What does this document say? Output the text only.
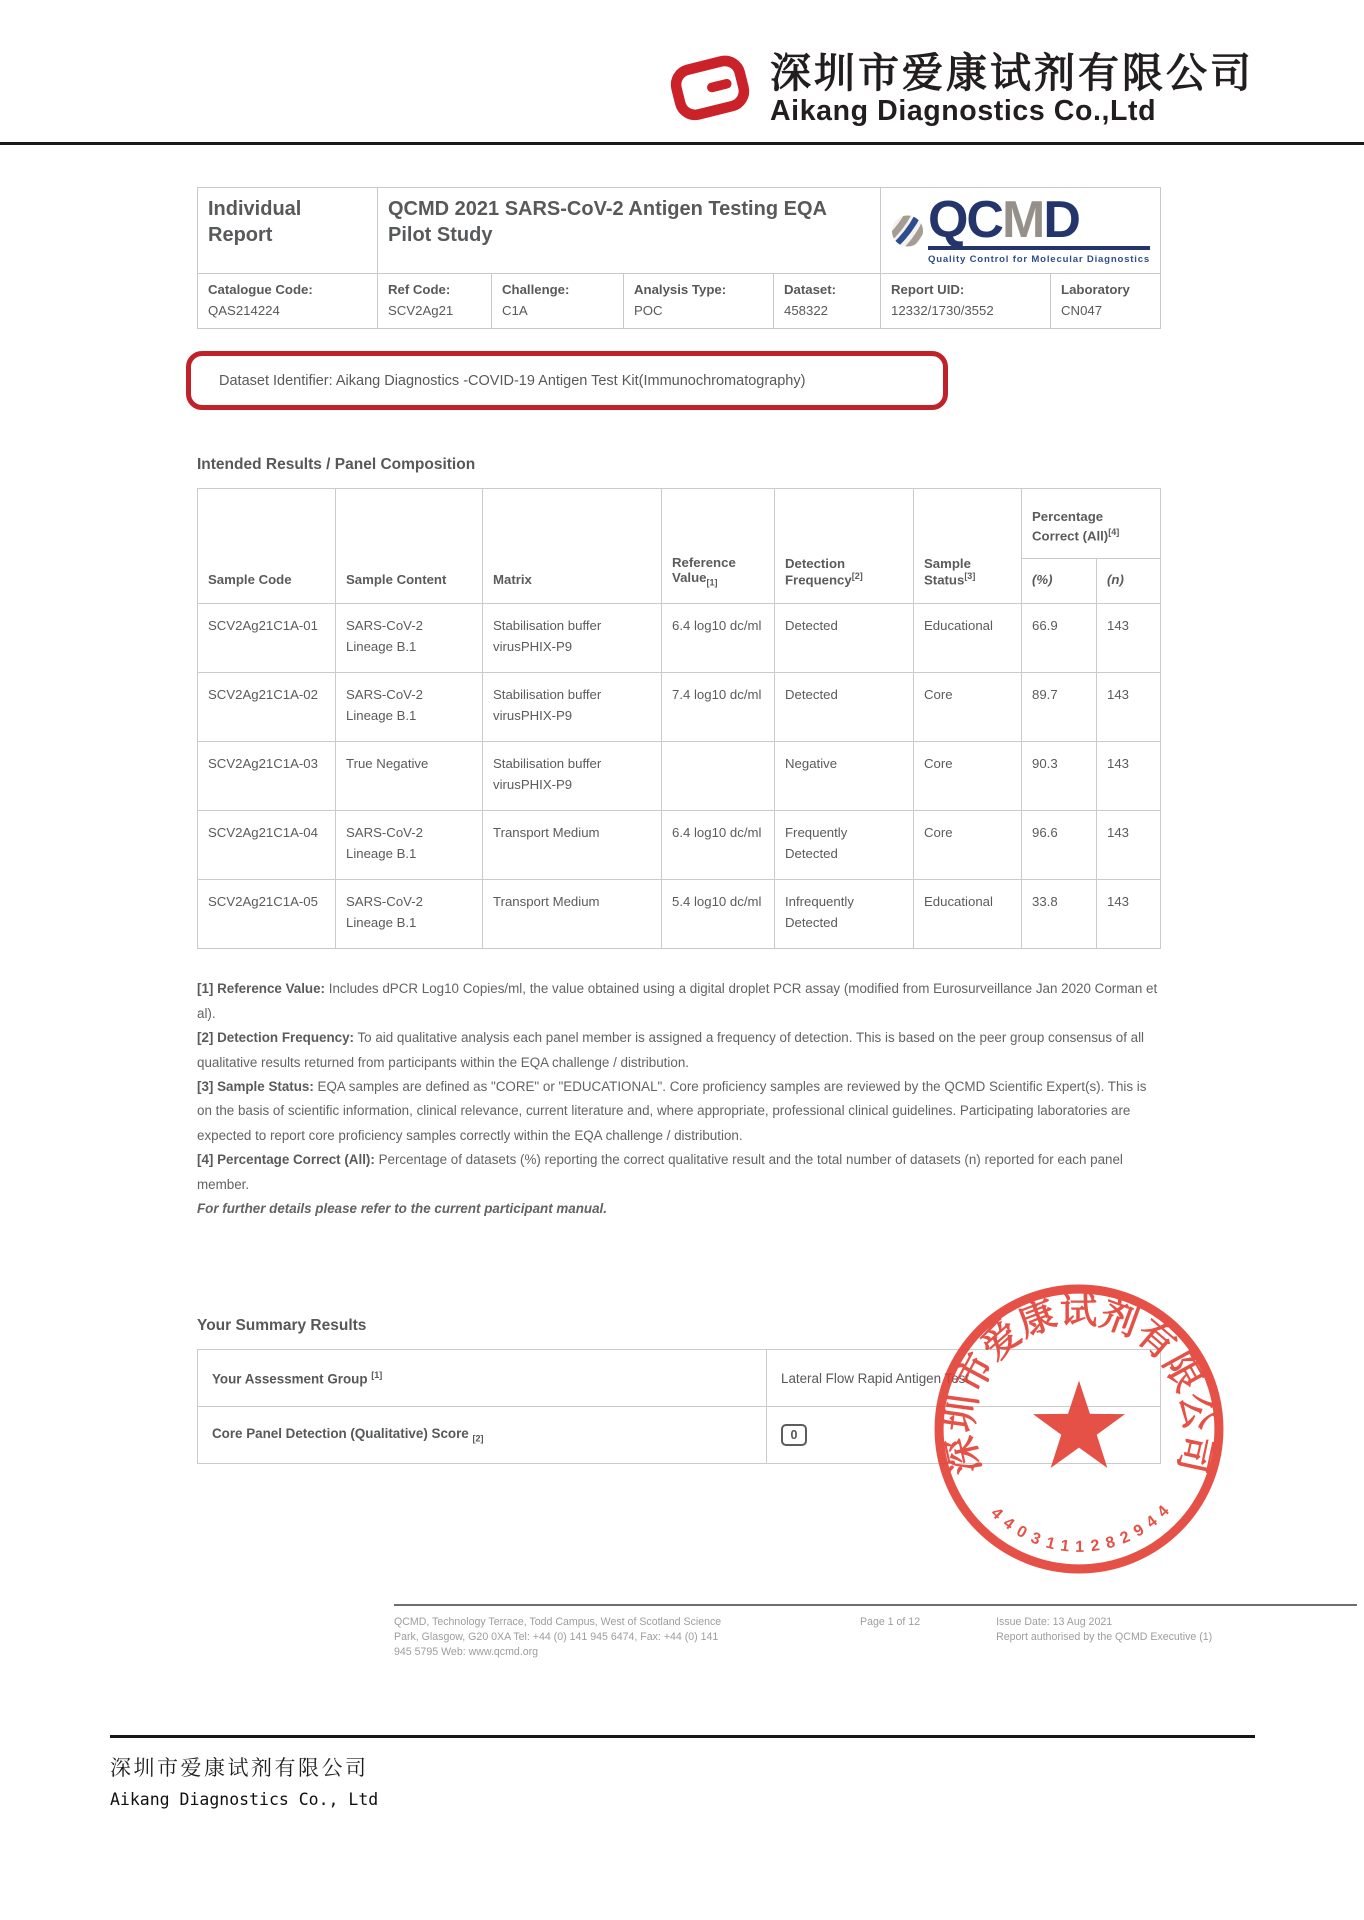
深圳市爱康试剂有限公司
Aikang Diagnostics Co.,Ltd
Individual Report	QCMD 2021 SARS-CoV-2 Antigen Testing EQA Pilot Study				QCMD
Quality Control for Molecular Diagnostics	

Catalogue Code:
QAS214224	Ref Code:
SCV2Ag21	Challenge:
C1A	Analysis Type:
POC	Dataset:
458322	Report UID:
12332/1730/3552	Laboratory
CN047
Dataset Identifier: Aikang Diagnostics -COVID-19 Antigen Test Kit(Immunochromatography)
Intended Results / Panel Composition
Sample Code	Sample Content	Matrix	Reference Value$_{[1]}$	Detection Frequency[2]	Sample Status[3]	Percentage Correct (All)[4]
						(%)	(n)
SCV2Ag21C1A-01	SARS-CoV-2 Lineage B.1	Stabilisation buffer virusPHIX-P9	6.4 log10 dc/ml	Detected	Educational	66.9	143
SCV2Ag21C1A-02	SARS-CoV-2 Lineage B.1	Stabilisation buffer virusPHIX-P9	7.4 log10 dc/ml	Detected	Core	89.7	143
SCV2Ag21C1A-03	True Negative	Stabilisation buffer virusPHIX-P9		Negative	Core	90.3	143
SCV2Ag21C1A-04	SARS-CoV-2 Lineage B.1	Transport Medium	6.4 log10 dc/ml	Frequently Detected	Core	96.6	143
SCV2Ag21C1A-05	SARS-CoV-2 Lineage B.1	Transport Medium	5.4 log10 dc/ml	Infrequently Detected	Educational	33.8	143
[1] Reference Value: Includes dPCR Log10 Copies/ml, the value obtained using a digital droplet PCR assay (modified from Eurosurveillance Jan 2020 Corman et al).
[2] Detection Frequency: To aid qualitative analysis each panel member is assigned a frequency of detection. This is based on the peer group consensus of all qualitative results returned from participants within the EQA challenge / distribution.
[3] Sample Status: EQA samples are defined as "CORE" or "EDUCATIONAL". Core proficiency samples are reviewed by the QCMD Scientific Expert(s). This is on the basis of scientific information, clinical relevance, current literature and, where appropriate, professional clinical guidelines. Participating laboratories are expected to report core proficiency samples correctly within the EQA challenge / distribution.
[4] Percentage Correct (All): Percentage of datasets (%) reporting the correct qualitative result and the total number of datasets (n) reported for each panel member.
For further details please refer to the current participant manual.
Your Summary Results
Your Assessment Group [1]	Lateral Flow Rapid Antigen Test
Core Panel Detection (Qualitative) Score $_{[2]}$	0
QCMD, Technology Terrace, Todd Campus, West of Scotland Science
Park, Glasgow, G20 0XA Tel: +44 (0) 141 945 6474, Fax: +44 (0) 141
945 5795 Web: www.qcmd.org
Page 1 of 12	Issue Date: 13 Aug 2021
Report authorised by the QCMD Executive (1)
深圳市爱康试剂有限公司
4403111282944
深圳市爱康试剂有限公司
Aikang Diagnostics Co., Ltd
